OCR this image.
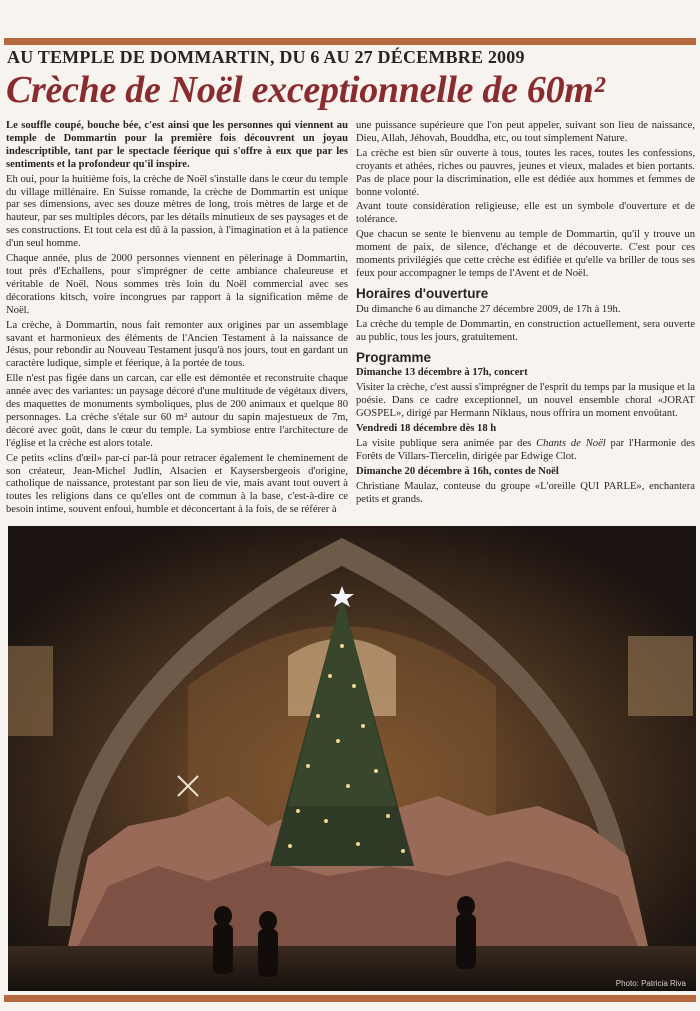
AU TEMPLE DE DOMMARTIN, DU 6 AU 27 DÉCEMBRE 2009
Crèche de Noël exceptionnelle de 60m²

Le souffle coupé, bouche bée, c'est ainsi que les personnes qui viennent au temple de Dommartin pour la première fois découvrent un joyau indescriptible, tant par le spectacle féerique qui s'offre à eux que par les sentiments et la profondeur qu'il inspire.

Eh oui, pour la huitième fois, la crèche de Noël s'installe dans le cœur du temple du village millénaire. En Suisse romande, la crèche de Dommartin est unique par ses dimensions, avec ses douze mètres de long, trois mètres de large et de hauteur, par ses multiples décors, par les détails minutieux de ses paysages et de ses constructions. Et tout cela est dû à la passion, à l'imagination et à la patience d'un seul homme.

Chaque année, plus de 2000 personnes viennent en pèlerinage à Dommartin, tout près d'Echallens, pour s'imprégner de cette ambiance chaleureuse et véritable de Noël. Nous sommes très loin du Noël commercial avec ses décorations kitsch, voire incongrues par rapport à la signification même de Noël.

La crèche, à Dommartin, nous fait remonter aux origines par un assemblage savant et harmonieux des éléments de l'Ancien Testament à la naissance de Jésus, pour rebondir au Nouveau Testament jusqu'à nos jours, tout en gardant un caractère ludique, simple et féerique, à la portée de tous.

Elle n'est pas figée dans un carcan, car elle est démontée et reconstruite chaque année avec des variantes: un paysage décoré d'une multitude de végétaux divers, des maquettes de monuments symboliques, plus de 200 animaux et quelque 80 personnages. La crèche s'étale sur 60 m² autour du sapin majestueux de 7m, décoré avec goût, dans le cœur du temple. La symbiose entre l'architecture de l'église et la crèche est alors totale.

Ce petits «clins d'œil» par-ci par-là pour retracer également le cheminement de son créateur, Jean-Michel Judlin, Alsacien et Kaysersbergeois d'origine, catholique de naissance, protestant par son lieu de vie, mais avant tout ouvert à toutes les religions dans ce qu'elles ont de commun à la base, c'est-à-dire ce besoin intime, souvent enfoui, humble et déconcertant à la fois, de se référer à

une puissance supérieure que l'on peut appeler, suivant son lieu de naissance, Dieu, Allah, Jéhovah, Bouddha, etc, ou tout simplement Nature.

La crèche est bien sûr ouverte à tous, toutes les races, toutes les confessions, croyants et athées, riches ou pauvres, jeunes et vieux, malades et bien portants. Pas de place pour la discrimination, elle est dédiée aux hommes et femmes de bonne volonté.

Avant toute considération religieuse, elle est un symbole d'ouverture et de tolérance.

Que chacun se sente le bienvenu au temple de Dommartin, qu'il y trouve un moment de paix, de silence, d'échange et de découverte. C'est pour ces moments privilégiés que cette crèche est édifiée et qu'elle va briller de tous ses feux pour accompagner le temps de l'Avent et de Noël.

Horaires d'ouverture

Du dimanche 6 au dimanche 27 décembre 2009, de 17h à 19h.

La crèche du temple de Dommartin, en construction actuellement, sera ouverte au public, tous les jours, gratuitement.

Programme

Dimanche 13 décembre à 17h, concert

Visiter la crèche, c'est aussi s'imprégner de l'esprit du temps par la musique et la poésie. Dans ce cadre exceptionnel, un nouvel ensemble choral «JORAT GOSPEL», dirigé par Hermann Niklaus, nous offrira un moment envoûtant.

Vendredi 18 décembre dès 18 h

La visite publique sera animée par des Chants de Noël par l'Harmonie des Forêts de Villars-Tiercelin, dirigée par Edwige Clot.

Dimanche 20 décembre à 16h, contes de Noël

Christiane Maulaz, conteuse du groupe «L'oreille QUI PARLE», enchantera petits et grands.

Photo: Patricia Riva
